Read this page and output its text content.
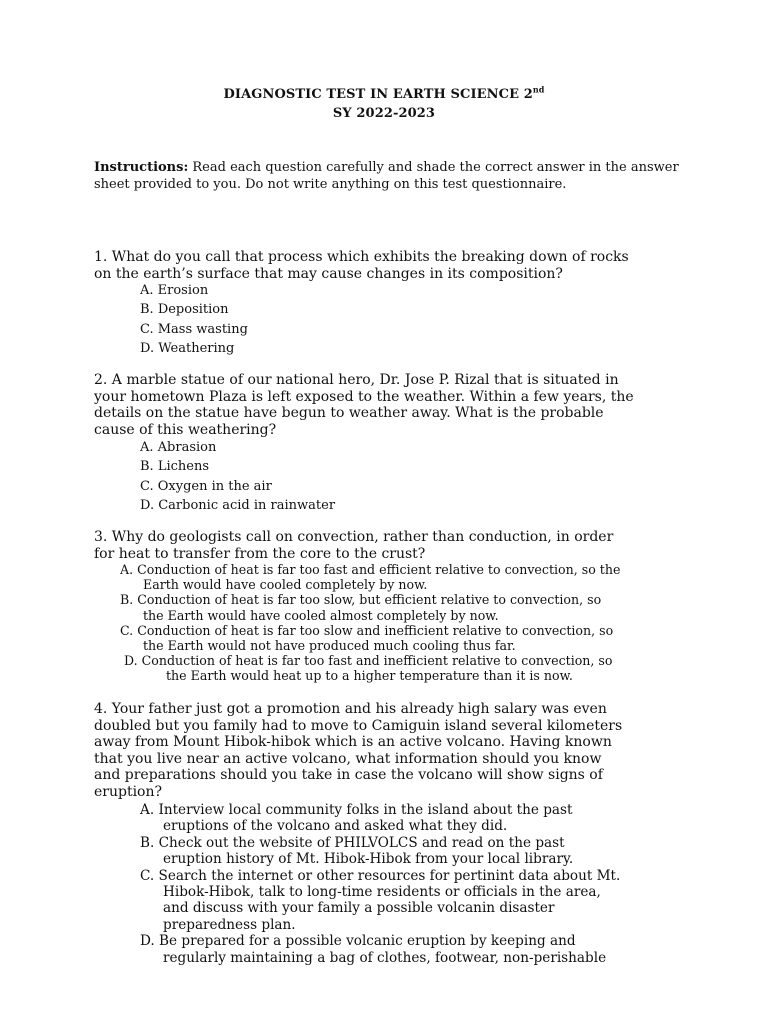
DIAGNOSTIC TEST IN EARTH SCIENCE 2nd
SY 2022-2023
Instructions: Read each question carefully and shade the correct answer in the answer sheet provided to you. Do not write anything on this test questionnaire.
1. What do you call that process which exhibits the breaking down of rocks
on the earth’s surface that may cause changes in its composition?
A. Erosion
B. Deposition
C. Mass wasting
D. Weathering
2. A marble statue of our national hero, Dr. Jose P. Rizal that is situated in
your hometown Plaza is left exposed to the weather. Within a few years, the
details on the statue have begun to weather away. What is the probable
cause of this weathering?
A. Abrasion
B. Lichens
C. Oxygen in the air
D. Carbonic acid in rainwater
3. Why do geologists call on convection, rather than conduction, in order
for heat to transfer from the core to the crust?
A. Conduction of heat is far too fast and efficient relative to convection, so the
Earth would have cooled completely by now.
B. Conduction of heat is far too slow, but efficient relative to convection, so
the Earth would have cooled almost completely by now.
C. Conduction of heat is far too slow and inefficient relative to convection, so
the Earth would not have produced much cooling thus far.
D. Conduction of heat is far too fast and inefficient relative to convection, so
the Earth would heat up to a higher temperature than it is now.
4. Your father just got a promotion and his already high salary was even
doubled but you family had to move to Camiguin island several kilometers
away from Mount Hibok-hibok which is an active volcano. Having known
that you live near an active volcano, what information should you know
and preparations should you take in case the volcano will show signs of
eruption?
A. Interview local community folks in the island about the past
eruptions of the volcano and asked what they did.
B. Check out the website of PHILVOLCS and read on the past
eruption history of Mt. Hibok-Hibok from your local library.
C. Search the internet or other resources for pertinint data about Mt.
Hibok-Hibok, talk to long-time residents or officials in the area,
and discuss with your family a possible volcanin disaster
preparedness plan.
D. Be prepared for a possible volcanic eruption by keeping and
regularly maintaining a bag of clothes, footwear, non-perishable
